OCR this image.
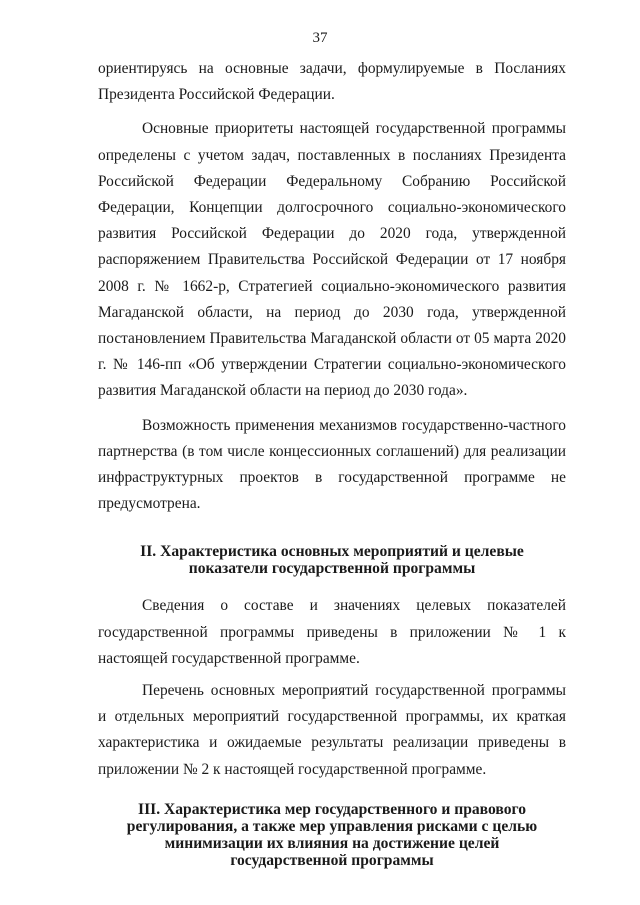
37

ориентируясь на основные задачи, формулируемые в Посланиях Президента Российской Федерации.

Основные приоритеты настоящей государственной программы определены с учетом задач, поставленных в посланиях Президента Российской Федерации Федеральному Собранию Российской Федерации, Концепции долгосрочного социально-экономического развития Российской Федерации до 2020 года, утвержденной распоряжением Правительства Российской Федерации от 17 ноября 2008 г. № 1662-р, Стратегией социально-экономического развития Магаданской области, на период до 2030 года, утвержденной постановлением Правительства Магаданской области от 05 марта 2020 г. № 146-пп «Об утверждении Стратегии социально-экономического развития Магаданской области на период до 2030 года».

Возможность применения механизмов государственно-частного партнерства (в том числе концессионных соглашений) для реализации инфраструктурных проектов в государственной программе не предусмотрена.

II. Характеристика основных мероприятий и целевые
показатели государственной программы

Сведения о составе и значениях целевых показателей государственной программы приведены в приложении № 1 к настоящей государственной программе.

Перечень основных мероприятий государственной программы и отдельных мероприятий государственной программы, их краткая характеристика и ожидаемые результаты реализации приведены в приложении № 2 к настоящей государственной программе.

III. Характеристика мер государственного и правового
регулирования, а также мер управления рисками с целью
минимизации их влияния на достижение целей
государственной программы
